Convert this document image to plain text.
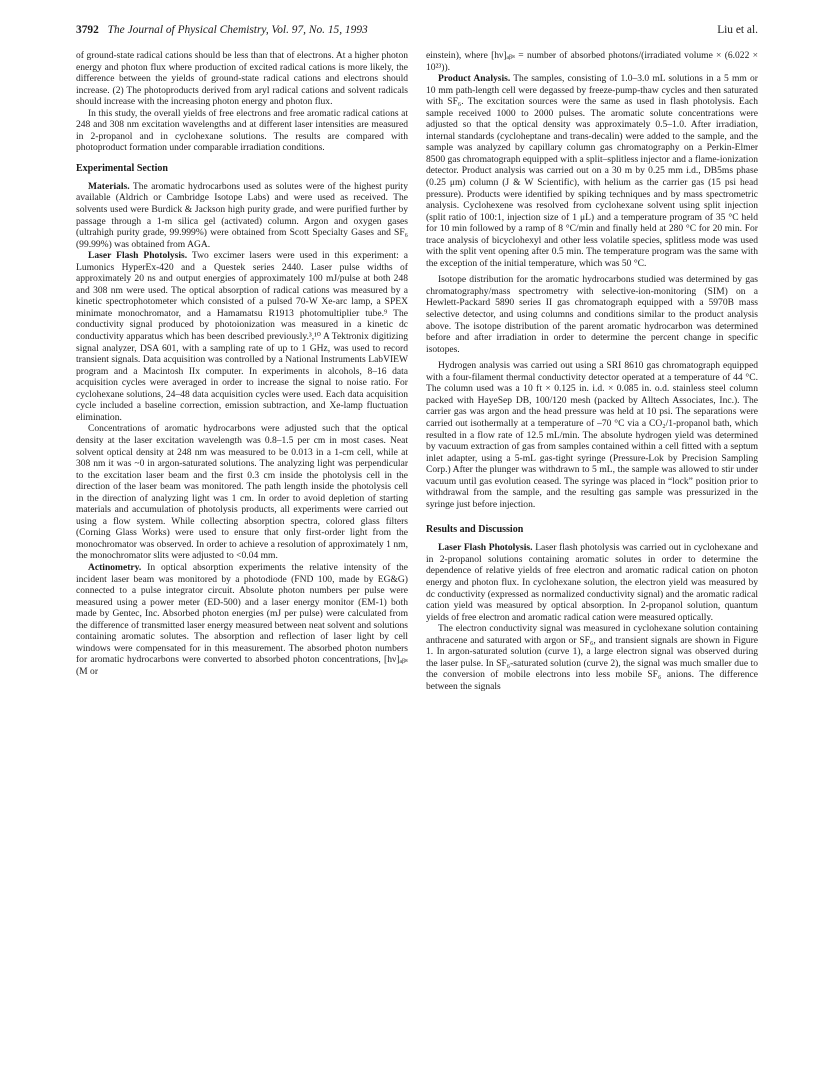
3792 The Journal of Physical Chemistry, Vol. 97, No. 15, 1993	Liu et al.

of ground-state radical cations should be less than that of electrons. At a higher photon energy and photon flux where production of excited radical cations is more likely, the difference between the yields of ground-state radical cations and electrons should increase. (2) The photoproducts derived from aryl radical cations and solvent radicals should increase with the increasing photon energy and photon flux.

In this study, the overall yields of free electrons and free aromatic radical cations at 248 and 308 nm excitation wavelengths and at different laser intensities are measured in 2-propanol and in cyclohexane solutions. The results are compared with photoproduct formation under comparable irradiation conditions.

Experimental Section

Materials. The aromatic hydrocarbons used as solutes were of the highest purity available (Aldrich or Cambridge Isotope Labs) and were used as received. The solvents used were Burdick & Jackson high purity grade, and were purified further by passage through a 1-m silica gel (activated) column. Argon and oxygen gases (ultrahigh purity grade, 99.999%) were obtained from Scott Specialty Gases and SF₆ (99.99%) was obtained from AGA.

Laser Flash Photolysis. Two excimer lasers were used in this experiment: a Lumonics HyperEx-420 and a Questek series 2440. Laser pulse widths of approximately 20 ns and output energies of approximately 100 mJ/pulse at both 248 and 308 nm were used. The optical absorption of radical cations was measured by a kinetic spectrophotometer which consisted of a pulsed 70-W Xe-arc lamp, a SPEX minimate monochromator, and a Hamamatsu R1913 photomultiplier tube.⁹ The conductivity signal produced by photoionization was measured in a kinetic dc conductivity apparatus which has been described previously.³,¹⁰ A Tektronix digitizing signal analyzer, DSA 601, with a sampling rate of up to 1 GHz, was used to record transient signals. Data acquisition was controlled by a National Instruments LabVIEW program and a Macintosh IIx computer. In experiments in alcohols, 8–16 data acquisition cycles were averaged in order to increase the signal to noise ratio. For cyclohexane solutions, 24–48 data acquisition cycles were used. Each data acquisition cycle included a baseline correction, emission subtraction, and Xe-lamp fluctuation elimination.

Concentrations of aromatic hydrocarbons were adjusted such that the optical density at the laser excitation wavelength was 0.8–1.5 per cm in most cases. Neat solvent optical density at 248 nm was measured to be 0.013 in a 1-cm cell, while at 308 nm it was ~0 in argon-saturated solutions. The analyzing light was perpendicular to the excitation laser beam and the first 0.3 cm inside the photolysis cell in the direction of the laser beam was monitored. The path length inside the photolysis cell in the direction of analyzing light was 1 cm. In order to avoid depletion of starting materials and accumulation of photolysis products, all experiments were carried out using a flow system. While collecting absorption spectra, colored glass filters (Corning Glass Works) were used to ensure that only first-order light from the monochromator was observed. In order to achieve a resolution of approximately 1 nm, the monochromator slits were adjusted to <0.04 mm.

Actinometry. In optical absorption experiments the relative intensity of the incident laser beam was monitored by a photodiode (FND 100, made by EG&G) connected to a pulse integrator circuit. Absolute photon numbers per pulse were measured using a power meter (ED-500) and a laser energy monitor (EM-1) both made by Gentec, Inc. Absorbed photon energies (mJ per pulse) were calculated from the difference of transmitted laser energy measured between neat solvent and solutions containing aromatic solutes. The absorption and reflection of laser light by cell windows were compensated for in this measurement. The absorbed photon numbers for aromatic hydrocarbons were converted to absorbed photon concentrations, [hν]ₐᵦₛ (M or

einstein), where [hν]ₐᵦₛ = number of absorbed photons/(irradiated volume × (6.022 × 10²³)).

Product Analysis. The samples, consisting of 1.0–3.0 mL solutions in a 5 mm or 10 mm path-length cell were degassed by freeze-pump-thaw cycles and then saturated with SF₆. The excitation sources were the same as used in flash photolysis. Each sample received 1000 to 2000 pulses. The aromatic solute concentrations were adjusted so that the optical density was approximately 0.5–1.0. After irradiation, internal standards (cycloheptane and trans-decalin) were added to the sample, and the sample was analyzed by capillary column gas chromatography on a Perkin-Elmer 8500 gas chromatograph equipped with a split–splitless injector and a flame-ionization detector. Product analysis was carried out on a 30 m by 0.25 mm i.d., DB5ms phase (0.25 μm) column (J & W Scientific), with helium as the carrier gas (15 psi head pressure). Products were identified by spiking techniques and by mass spectrometric analysis. Cyclohexene was resolved from cyclohexane solvent using split injection (split ratio of 100:1, injection size of 1 μL) and a temperature program of 35 °C held for 10 min followed by a ramp of 8 °C/min and finally held at 280 °C for 20 min. For trace analysis of bicyclohexyl and other less volatile species, splitless mode was used with the split vent opening after 0.5 min. The temperature program was the same with the exception of the initial temperature, which was 50 °C.

Isotope distribution for the aromatic hydrocarbons studied was determined by gas chromatography/mass spectrometry with selective-ion-monitoring (SIM) on a Hewlett-Packard 5890 series II gas chromatograph equipped with a 5970B mass selective detector, and using columns and conditions similar to the product analysis above. The isotope distribution of the parent aromatic hydrocarbon was determined before and after irradiation in order to determine the percent change in specific isotopes.

Hydrogen analysis was carried out using a SRI 8610 gas chromatograph equipped with a four-filament thermal conductivity detector operated at a temperature of 44 °C. The column used was a 10 ft × 0.125 in. i.d. × 0.085 in. o.d. stainless steel column packed with HayeSep DB, 100/120 mesh (packed by Alltech Associates, Inc.). The carrier gas was argon and the head pressure was held at 10 psi. The separations were carried out isothermally at a temperature of –70 °C via a CO₂/1-propanol bath, which resulted in a flow rate of 12.5 mL/min. The absolute hydrogen yield was determined by vacuum extraction of gas from samples contained within a cell fitted with a septum inlet adapter, using a 5-mL gas-tight syringe (Pressure-Lok by Precision Sampling Corp.) After the plunger was withdrawn to 5 mL, the sample was allowed to stir under vacuum until gas evolution ceased. The syringe was placed in “lock” position prior to withdrawal from the sample, and the resulting gas sample was pressurized in the syringe just before injection.

Results and Discussion

Laser Flash Photolysis. Laser flash photolysis was carried out in cyclohexane and in 2-propanol solutions containing aromatic solutes in order to determine the dependence of relative yields of free electron and aromatic radical cation on photon energy and photon flux. In cyclohexane solution, the electron yield was measured by dc conductivity (expressed as normalized conductivity signal) and the aromatic radical cation yield was measured by optical absorption. In 2-propanol solution, quantum yields of free electron and aromatic radical cation were measured optically.

The electron conductivity signal was measured in cyclohexane solution containing anthracene and saturated with argon or SF₆, and transient signals are shown in Figure 1. In argon-saturated solution (curve 1), a large electron signal was observed during the laser pulse. In SF₆-saturated solution (curve 2), the signal was much smaller due to the conversion of mobile electrons into less mobile SF₆ anions. The difference between the signals
